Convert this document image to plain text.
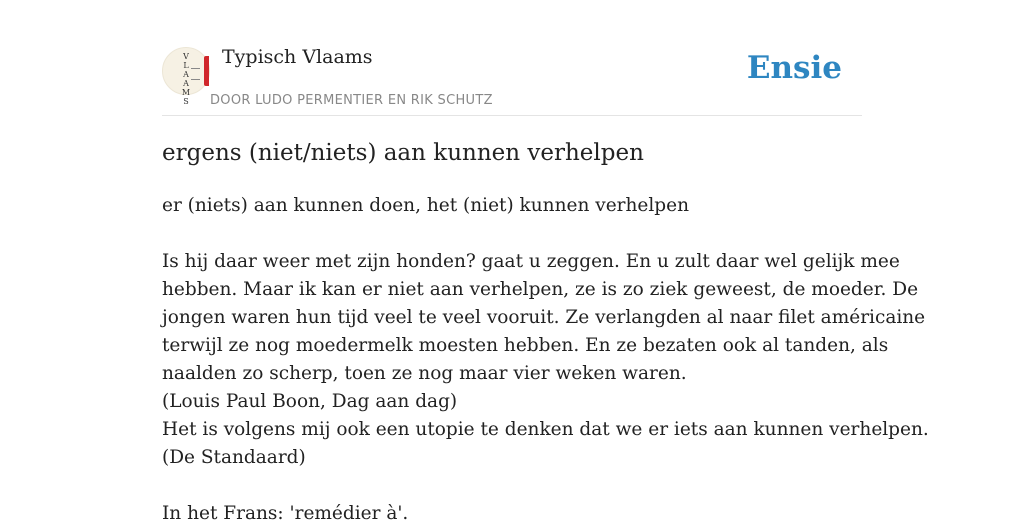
V
L
A
A
M
S
Typisch Vlaams
DOOR LUDO PERMENTIER EN RIK SCHUTZ
Ensie
ergens (niet/niets) aan kunnen verhelpen

er (niets) aan kunnen doen, het (niet) kunnen verhelpen

Is hij daar weer met zijn honden? gaat u zeggen. En u zult daar wel gelijk mee

hebben. Maar ik kan er niet aan verhelpen, ze is zo ziek geweest, de moeder. De

jongen waren hun tijd veel te veel vooruit. Ze verlangden al naar filet américaine

terwijl ze nog moedermelk moesten hebben. En ze bezaten ook al tanden, als

naalden zo scherp, toen ze nog maar vier weken waren.

(Louis Paul Boon, Dag aan dag)

Het is volgens mij ook een utopie te denken dat we er iets aan kunnen verhelpen.

(De Standaard)

In het Frans: 'remédier à'.
